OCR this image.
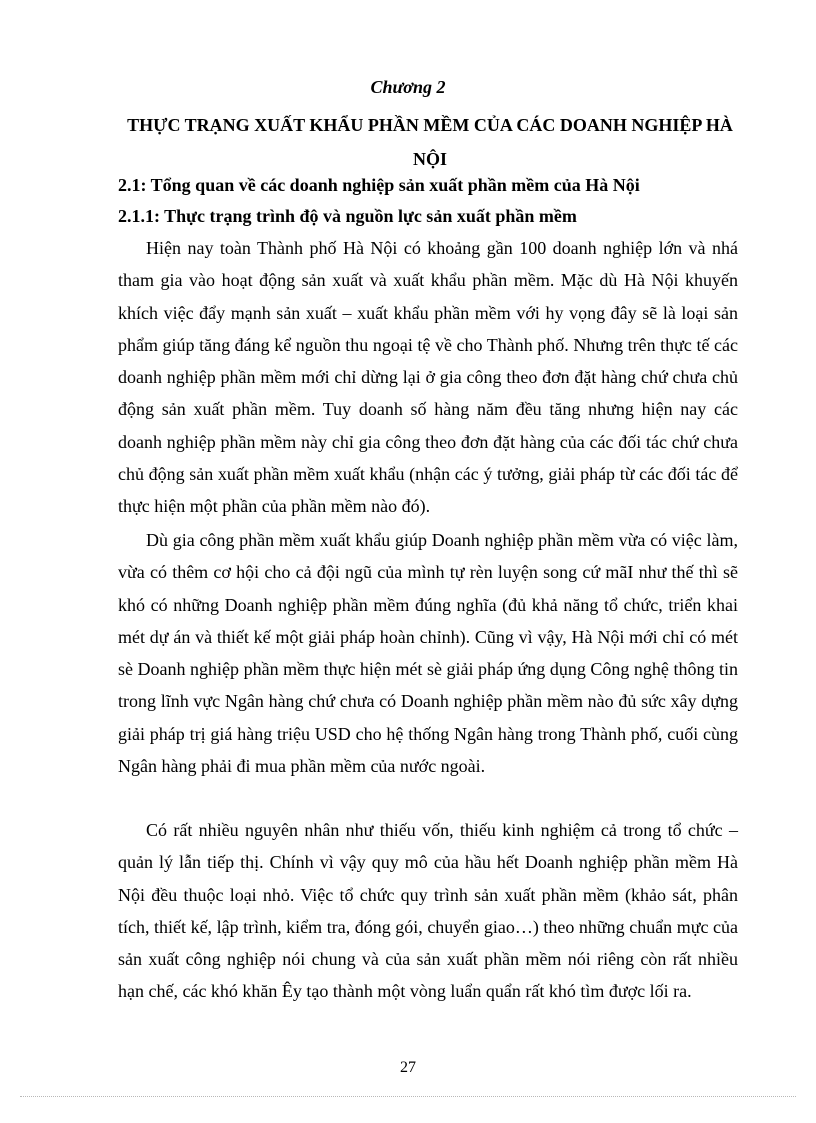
Chương 2
THỰC TRẠNG XUẤT KHẨU PHẦN MỀM CỦA CÁC DOANH NGHIỆP HÀ NỘI
2.1: Tổng quan về các doanh nghiệp sản xuất phần mềm của Hà Nội
2.1.1: Thực trạng trình độ và nguồn lực sản xuất phần mềm

Hiện nay toàn Thành phố Hà Nội có khoảng gần 100 doanh nghiệp lớn và nhá tham gia vào hoạt động sản xuất và xuất khẩu phần mềm. Mặc dù Hà Nội khuyến khích việc đẩy mạnh sản xuất – xuất khẩu phần mềm với hy vọng đây sẽ là loại sản phẩm giúp tăng đáng kể nguồn thu ngoại tệ về cho Thành phố. Nhưng trên thực tế các doanh nghiệp phần mềm mới chỉ dừng lại ở gia công theo đơn đặt hàng chứ chưa chủ động sản xuất phần mềm. Tuy doanh số hàng năm đều tăng nhưng hiện nay các doanh nghiệp phần mềm này chỉ gia công theo đơn đặt hàng của các đối tác chứ chưa chủ động sản xuất phần mềm xuất khẩu (nhận các ý tưởng, giải pháp từ các đối tác để thực hiện một phần của phần mềm nào đó).

Dù gia công phần mềm xuất khẩu giúp Doanh nghiệp phần mềm vừa có việc làm, vừa có thêm cơ hội cho cả đội ngũ của mình tự rèn luyện song cứ mãI như thế thì sẽ khó có những Doanh nghiệp phần mềm đúng nghĩa (đủ khả năng tổ chức, triển khai mét dự án và thiết kế một giải pháp hoàn chỉnh). Cũng vì vậy, Hà Nội mới chỉ có mét sè Doanh nghiệp phần mềm thực hiện mét sè giải pháp ứng dụng Công nghệ thông tin trong lĩnh vực Ngân hàng chứ chưa có Doanh nghiệp phần mềm nào đủ sức xây dựng giải pháp trị giá hàng triệu USD cho hệ thống Ngân hàng trong Thành phố, cuối cùng Ngân hàng phải đi mua phần mềm của nước ngoài.

Có rất nhiều nguyên nhân như thiếu vốn, thiếu kinh nghiệm cả trong tổ chức – quản lý lẫn tiếp thị. Chính vì vậy quy mô của hầu hết Doanh nghiệp phần mềm Hà Nội đều thuộc loại nhỏ. Việc tổ chức quy trình sản xuất phần mềm (khảo sát, phân tích, thiết kế, lập trình, kiểm tra, đóng gói, chuyển giao…) theo những chuẩn mực của sản xuất công nghiệp nói chung và của sản xuất phần mềm nói riêng còn rất nhiều hạn chế, các khó khăn Êy tạo thành một vòng luẩn quẩn rất khó tìm được lối ra.

27
